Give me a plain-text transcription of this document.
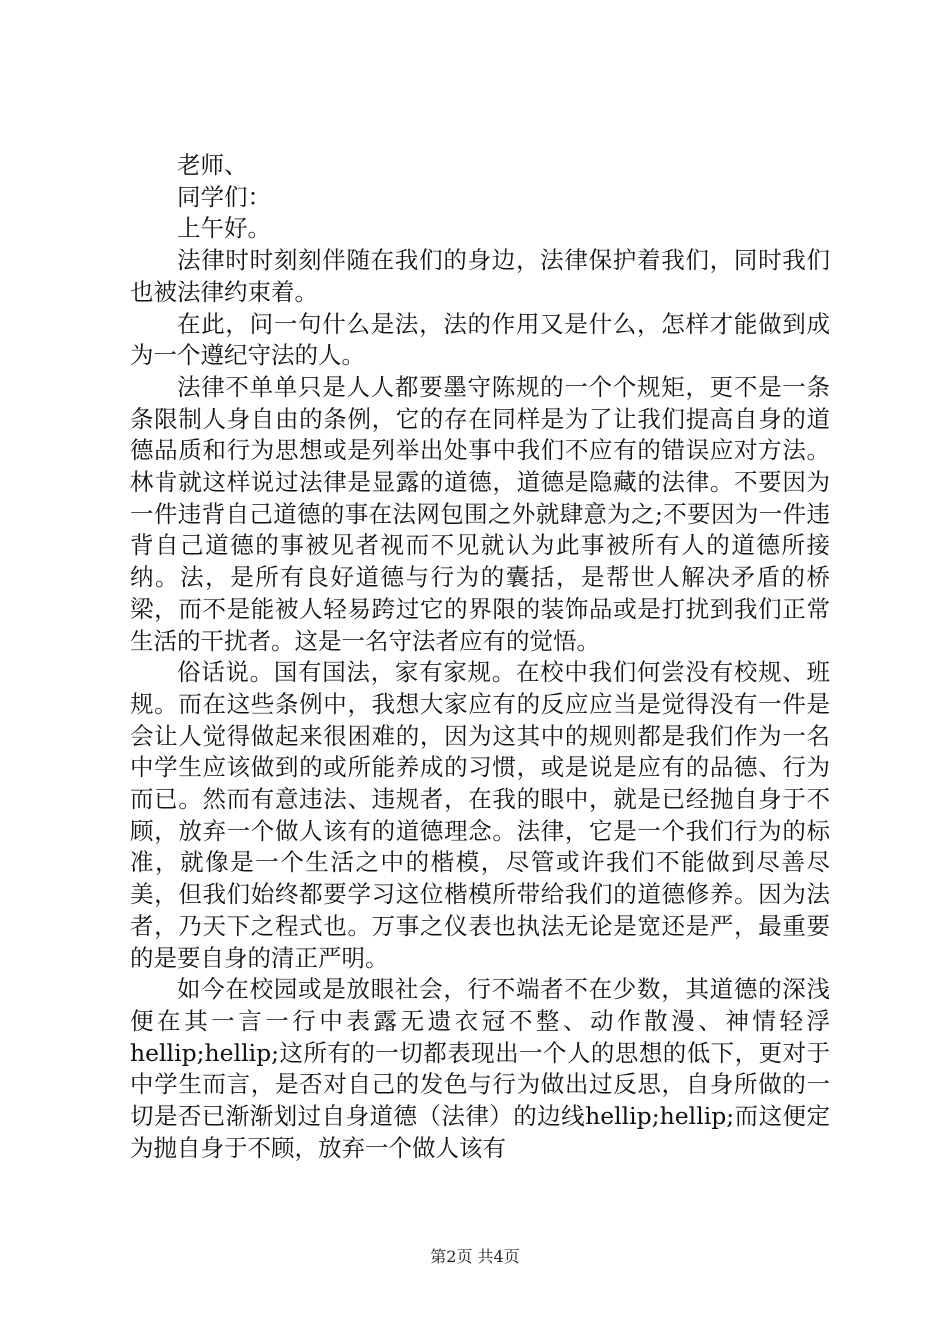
老师、

同学们：

上午好。

法律时时刻刻伴随在我们的身边，法律保护着我们，同时我们也被法律约束着。

在此，问一句什么是法，法的作用又是什么，怎样才能做到成为一个遵纪守法的人。

法律不单单只是人人都要墨守陈规的一个个规矩，更不是一条条限制人身自由的条例，它的存在同样是为了让我们提高自身的道德品质和行为思想或是列举出处事中我们不应有的错误应对方法。林肯就这样说过法律是显露的道德，道德是隐藏的法律。不要因为一件违背自己道德的事在法网包围之外就肆意为之;不要因为一件违背自己道德的事被见者视而不见就认为此事被所有人的道德所接纳。法，是所有良好道德与行为的囊括，是帮世人解决矛盾的桥梁，而不是能被人轻易跨过它的界限的装饰品或是打扰到我们正常生活的干扰者。这是一名守法者应有的觉悟。

俗话说。国有国法，家有家规。在校中我们何尝没有校规、班规。而在这些条例中，我想大家应有的反应应当是觉得没有一件是会让人觉得做起来很困难的，因为这其中的规则都是我们作为一名中学生应该做到的或所能养成的习惯，或是说是应有的品德、行为而已。然而有意违法、违规者，在我的眼中，就是已经抛自身于不顾，放弃一个做人该有的道德理念。法律，它是一个我们行为的标准，就像是一个生活之中的楷模，尽管或许我们不能做到尽善尽美，但我们始终都要学习这位楷模所带给我们的道德修养。因为法者，乃天下之程式也。万事之仪表也执法无论是宽还是严，最重要的是要自身的清正严明。

如今在校园或是放眼社会，行不端者不在少数，其道德的深浅便在其一言一行中表露无遗衣冠不整、动作散漫、神情轻浮hellip;hellip;这所有的一切都表现出一个人的思想的低下，更对于中学生而言，是否对自己的发色与行为做出过反思，自身所做的一切是否已渐渐划过自身道德（法律）的边线hellip;hellip;而这便定为抛自身于不顾，放弃一个做人该有

第2页 共4页
